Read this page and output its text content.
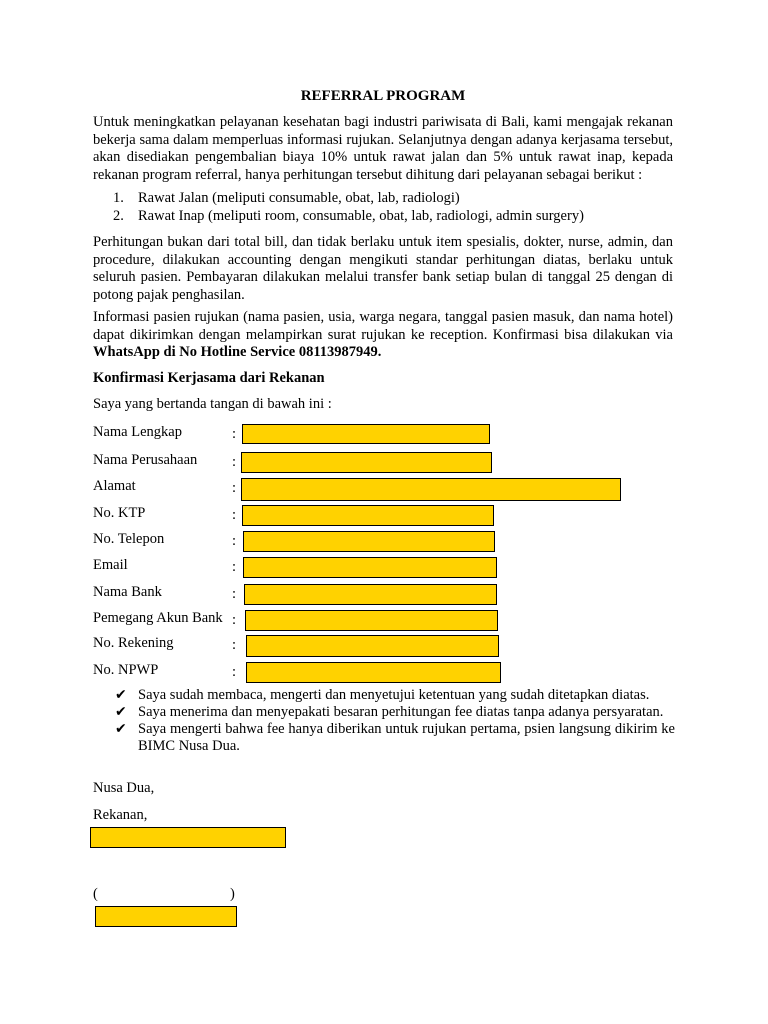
REFERRAL PROGRAM

Untuk meningkatkan pelayanan kesehatan bagi industri pariwisata di Bali, kami mengajak rekanan bekerja sama dalam memperluas informasi rujukan. Selanjutnya dengan adanya kerjasama tersebut, akan disediakan pengembalian biaya 10% untuk rawat jalan dan 5% untuk rawat inap, kepada rekanan program referral, hanya perhitungan tersebut dihitung dari pelayanan sebagai berikut :

1. Rawat Jalan (meliputi consumable, obat, lab, radiologi)
2. Rawat Inap (meliputi room, consumable, obat, lab, radiologi, admin surgery)

Perhitungan bukan dari total bill, dan tidak berlaku untuk item spesialis, dokter, nurse, admin, dan procedure, dilakukan accounting dengan mengikuti standar perhitungan diatas, berlaku untuk seluruh pasien. Pembayaran dilakukan melalui transfer bank setiap bulan di tanggal 25 dengan di potong pajak penghasilan.

Informasi pasien rujukan (nama pasien, usia, warga negara, tanggal pasien masuk, dan nama hotel) dapat dikirimkan dengan melampirkan surat rujukan ke reception. Konfirmasi bisa dilakukan via WhatsApp di No Hotline Service 08113987949.

Konfirmasi Kerjasama dari Rekanan
Saya yang bertanda tangan di bawah ini :
Nama Lengkap	:
Nama Perusahaan :
Alamat	:
No. KTP	:
No. Telepon	:
Email	:
Nama Bank	:
Pemegang Akun Bank :
No. Rekening	:
No. NPWP	:
✔ Saya sudah membaca, mengerti dan menyetujui ketentuan yang sudah ditetapkan diatas.
✔ Saya menerima dan menyepakati besaran perhitungan fee diatas tanpa adanya persyaratan.
✔ Saya mengerti bahwa fee hanya diberikan untuk rujukan pertama, psien langsung dikirim ke BIMC Nusa Dua.
Nusa Dua,
Rekanan,
(	)
